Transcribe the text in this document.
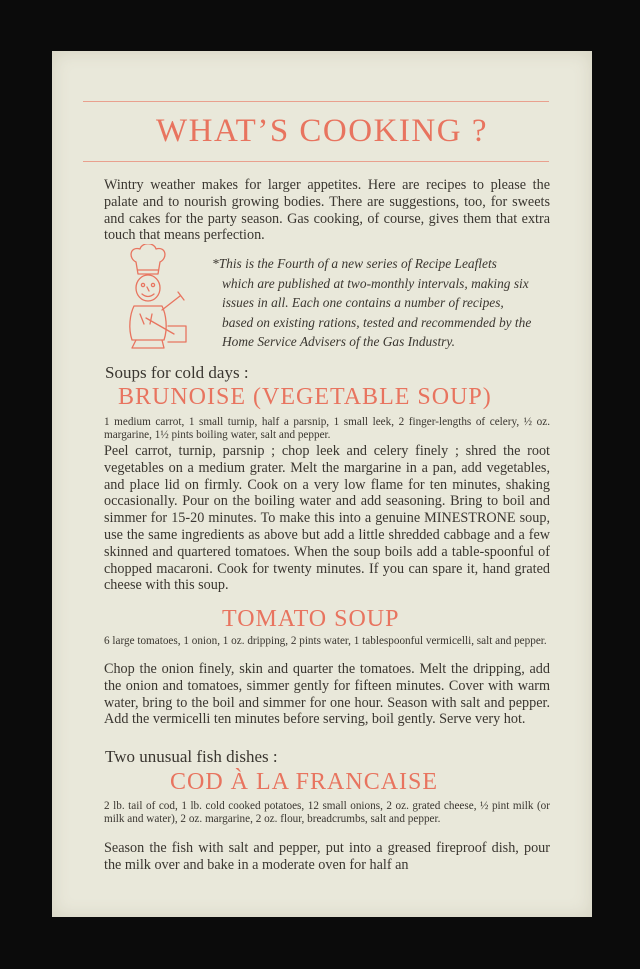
WHAT’S COOKING ?

Wintry weather makes for larger appetites. Here are recipes to please the palate and to nourish growing bodies. There are suggestions, too, for sweets and cakes for the party season. Gas cooking, of course, gives them that extra touch that means perfection.

*This is the Fourth of a new series of Recipe Leaflets

which are published at two-monthly intervals, making six

issues in all. Each one contains a number of recipes,

based on existing rations, tested and recommended by the

Home Service Advisers of the Gas Industry.

Soups for cold days :

BRUNOISE (VEGETABLE SOUP)

1 medium carrot, 1 small turnip, half a parsnip, 1 small leek, 2 finger-lengths of celery, ½ oz. margarine, 1½ pints boiling water, salt and pepper.

Peel carrot, turnip, parsnip ; chop leek and celery finely ; shred the root vegetables on a medium grater. Melt the margarine in a pan, add vegetables, and place lid on firmly. Cook on a very low flame for ten minutes, shaking occasionally. Pour on the boiling water and add seasoning. Bring to boil and simmer for 15-20 minutes. To make this into a genuine MINESTRONE soup, use the same ingredients as above but add a little shredded cabbage and a few skinned and quartered tomatoes. When the soup boils add a table-spoonful of chopped macaroni. Cook for twenty minutes. If you can spare it, hand grated cheese with this soup.

TOMATO SOUP

6 large tomatoes, 1 onion, 1 oz. dripping, 2 pints water, 1 tablespoonful vermicelli, salt and pepper.

Chop the onion finely, skin and quarter the tomatoes. Melt the dripping, add the onion and tomatoes, simmer gently for fifteen minutes. Cover with warm water, bring to the boil and simmer for one hour. Season with salt and pepper. Add the vermicelli ten minutes before serving, boil gently. Serve very hot.

Two unusual fish dishes :

COD À LA FRANCAISE

2 lb. tail of cod, 1 lb. cold cooked potatoes, 12 small onions, 2 oz. grated cheese, ½ pint milk (or milk and water), 2 oz. margarine, 2 oz. flour, breadcrumbs, salt and pepper.

Season the fish with salt and pepper, put into a greased fireproof dish, pour the milk over and bake in a moderate oven for half an
